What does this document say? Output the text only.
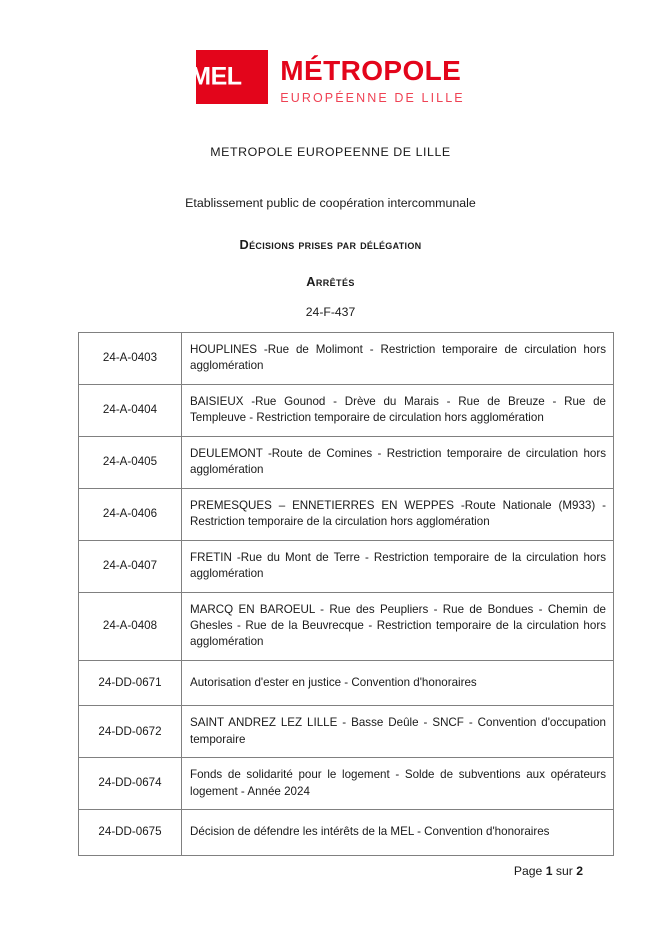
MEL MÉTROPOLE
EUROPÉENNE DE LILLE
METROPOLE EUROPEENNE DE LILLE
Etablissement public de coopération intercommunale
Décisions prises par délégation
Arrêtés
24-F-437
24-A-0403	HOUPLINES -Rue de Molimont - Restriction temporaire de circulation hors agglomération
24-A-0404	BAISIEUX -Rue Gounod - Drève du Marais - Rue de Breuze - Rue de Templeuve - Restriction temporaire de circulation hors agglomération
24-A-0405	DEULEMONT -Route de Comines - Restriction temporaire de circulation hors agglomération
24-A-0406	PREMESQUES – ENNETIERRES EN WEPPES -Route Nationale (M933) - Restriction temporaire de la circulation hors agglomération
24-A-0407	FRETIN -Rue du Mont de Terre - Restriction temporaire de la circulation hors agglomération
24-A-0408	MARCQ EN BAROEUL - Rue des Peupliers - Rue de Bondues - Chemin de Ghesles - Rue de la Beuvrecque - Restriction temporaire de la circulation hors agglomération
24-DD-0671	Autorisation d'ester en justice - Convention d'honoraires
24-DD-0672	SAINT ANDREZ LEZ LILLE - Basse Deûle - SNCF - Convention d'occupation temporaire
24-DD-0674	Fonds de solidarité pour le logement - Solde de subventions aux opérateurs logement - Année 2024
24-DD-0675	Décision de défendre les intérêts de la MEL - Convention d'honoraires
Page 1 sur 2
